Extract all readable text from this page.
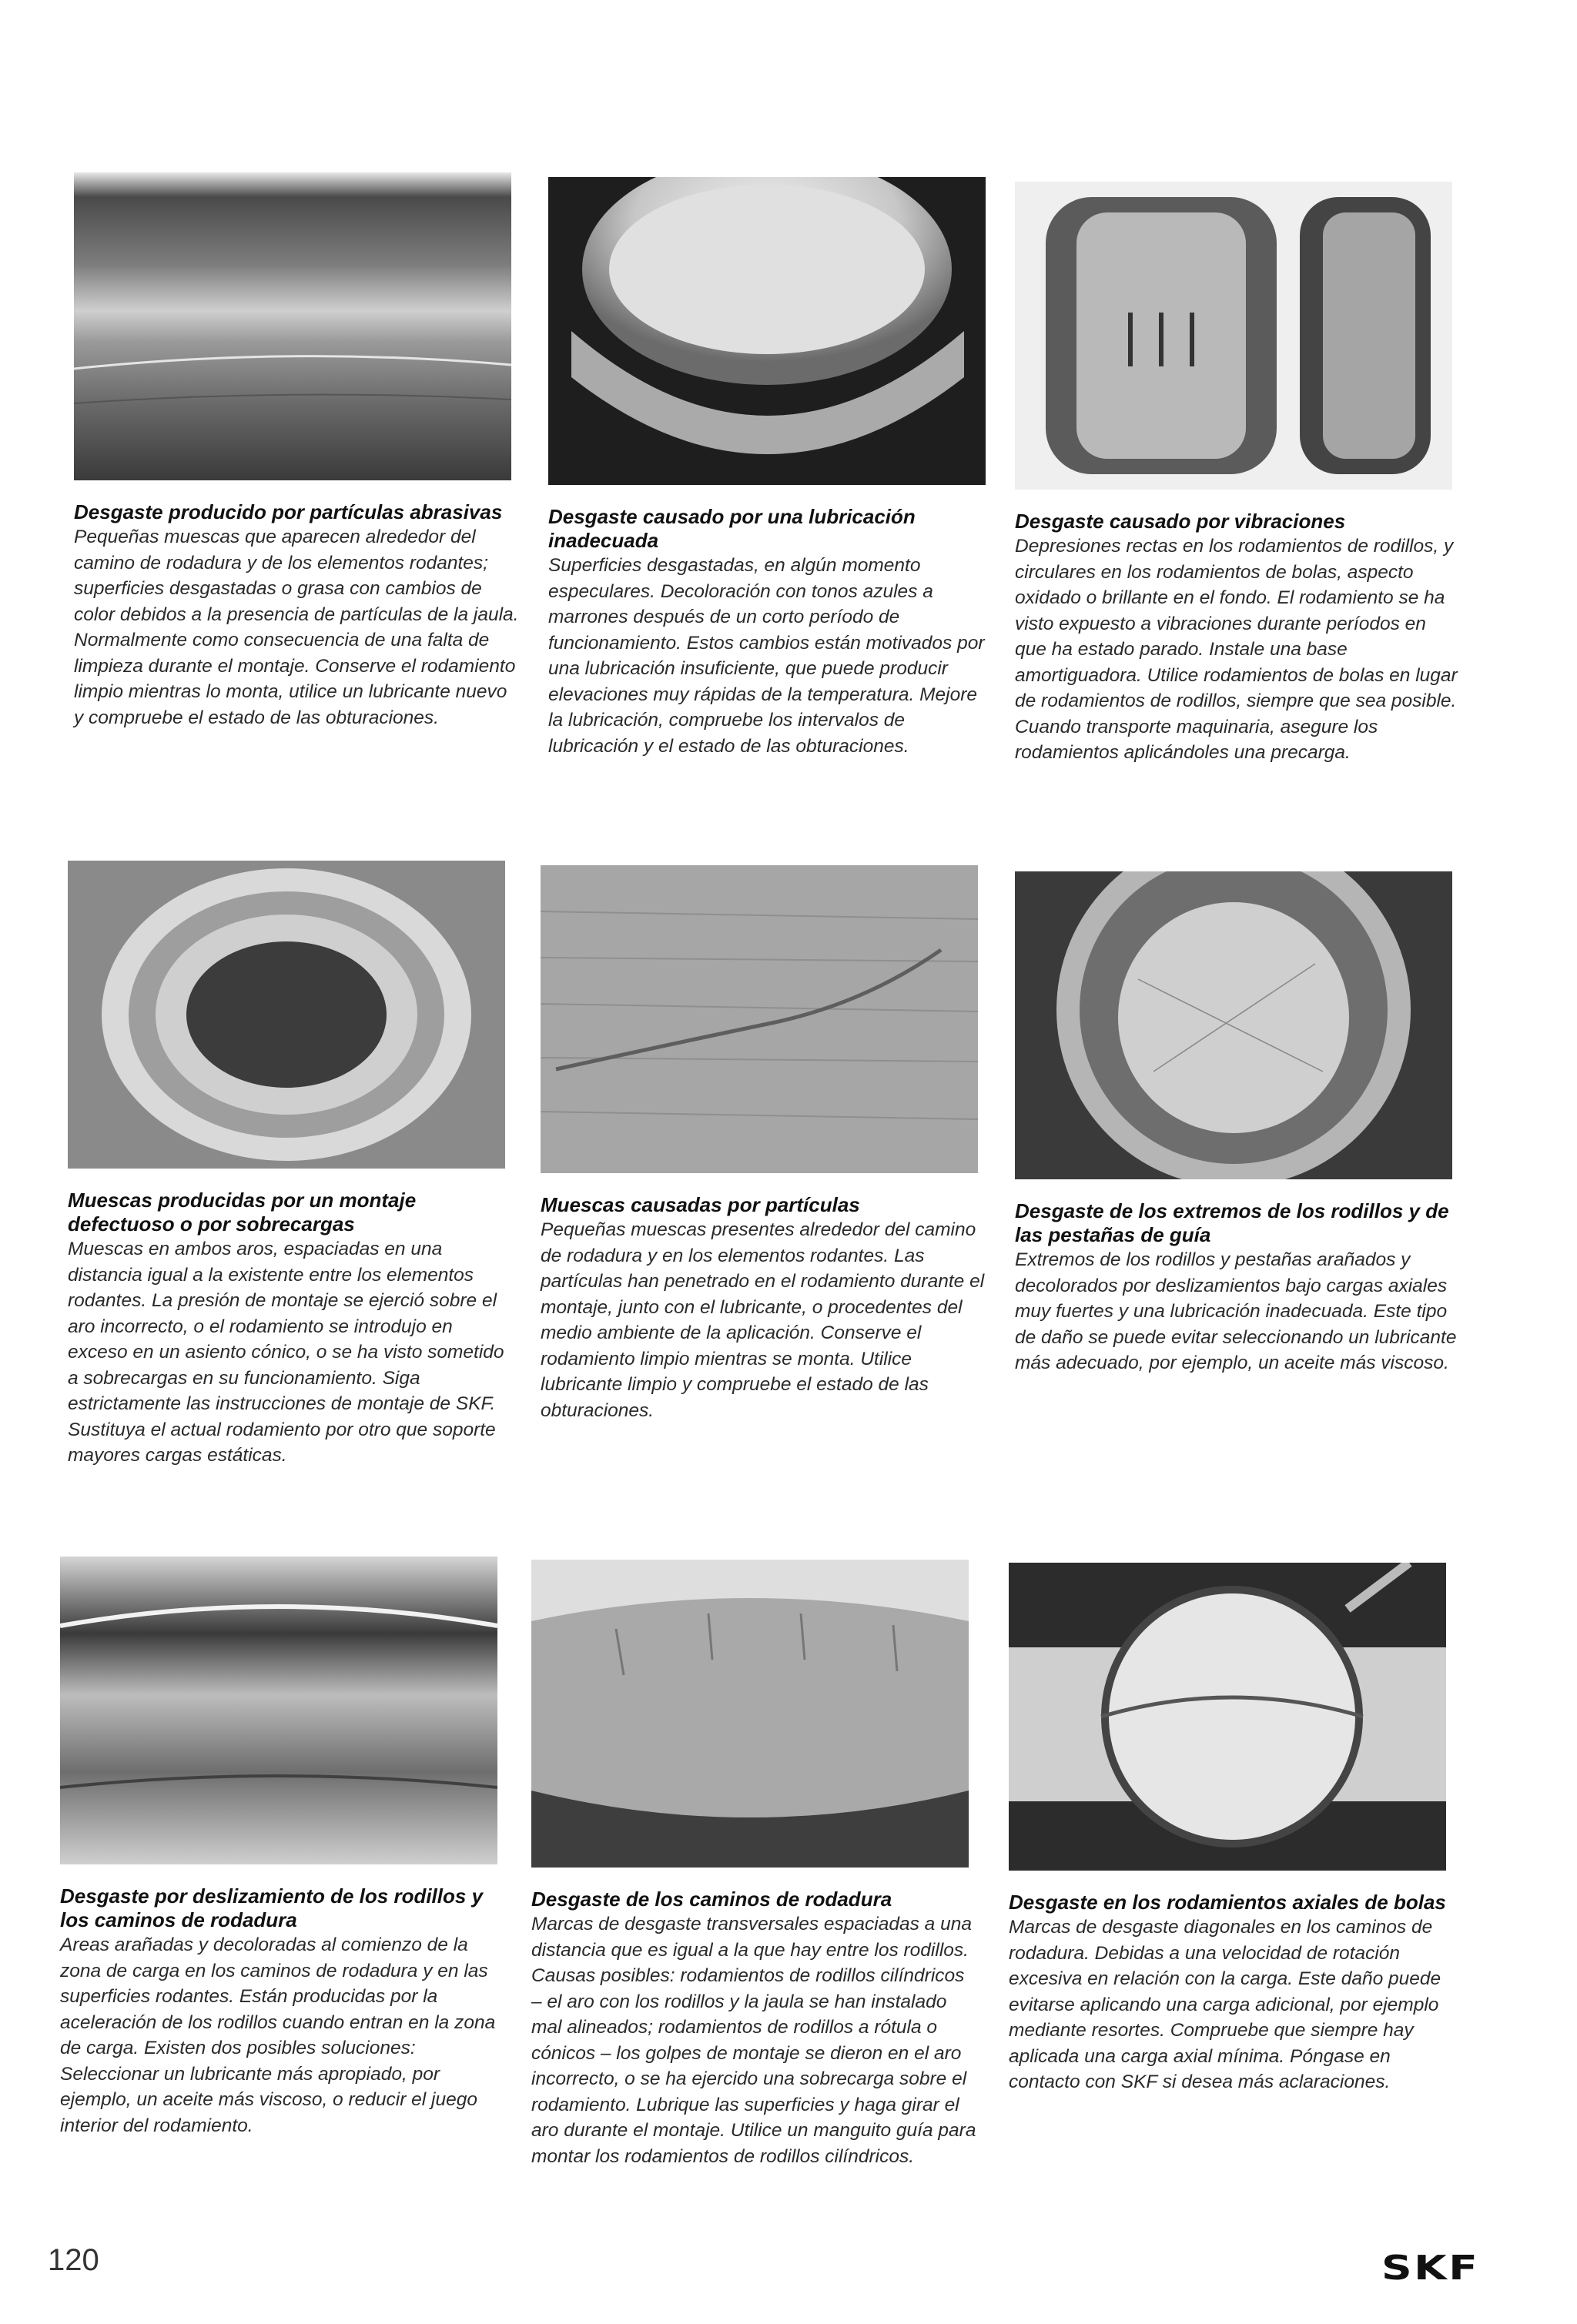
Desgaste producido por partículas abrasivas
Pequeñas muescas que aparecen alrededor del camino de rodadura y de los elementos rodantes; superficies desgastadas o grasa con cambios de color debidos a la presencia de partículas de la jaula. Normalmente como consecuencia de una falta de limpieza durante el montaje. Conserve el rodamiento limpio mientras lo monta, utilice un lubricante nuevo y compruebe el estado de las obturaciones.
Desgaste causado por una lubricación inadecuada
Superficies desgastadas, en algún momento especulares. Decoloración con tonos azules a marrones después de un corto período de funcionamiento. Estos cambios están motivados por una lubricación insuficiente, que puede producir elevaciones muy rápidas de la temperatura. Mejore la lubricación, compruebe los intervalos de lubricación y el estado de las obturaciones.
Desgaste causado por vibraciones
Depresiones rectas en los rodamientos de rodillos, y circulares en los rodamientos de bolas, aspecto oxidado o brillante en el fondo. El rodamiento se ha visto expuesto a vibraciones durante períodos en que ha estado parado. Instale una base amortiguadora. Utilice rodamientos de bolas en lugar de rodamientos de rodillos, siempre que sea posible. Cuando transporte maquinaria, asegure los rodamientos aplicándoles una precarga.
Muescas producidas por un montaje defectuoso o por sobrecargas
Muescas en ambos aros, espaciadas en una distancia igual a la existente entre los elementos rodantes. La presión de montaje se ejerció sobre el aro incorrecto, o el rodamiento se introdujo en exceso en un asiento cónico, o se ha visto sometido a sobrecargas en su funcionamiento. Siga estrictamente las instrucciones de montaje de SKF. Sustituya el actual rodamiento por otro que soporte mayores cargas estáticas.
Muescas causadas por partículas
Pequeñas muescas presentes alrededor del camino de rodadura y en los elementos rodantes. Las partículas han penetrado en el rodamiento durante el montaje, junto con el lubricante, o procedentes del medio ambiente de la aplicación. Conserve el rodamiento limpio mientras se monta. Utilice lubricante limpio y compruebe el estado de las obturaciones.
Desgaste de los extremos de los rodillos y de las pestañas de guía
Extremos de los rodillos y pestañas arañados y decolorados por deslizamientos bajo cargas axiales muy fuertes y una lubricación inadecuada. Este tipo de daño se puede evitar seleccionando un lubricante más adecuado, por ejemplo, un aceite más viscoso.
Desgaste por deslizamiento de los rodillos y los caminos de rodadura
Areas arañadas y decoloradas al comienzo de la zona de carga en los caminos de rodadura y en las superficies rodantes. Están producidas por la aceleración de los rodillos cuando entran en la zona de carga. Existen dos posibles soluciones: Seleccionar un lubricante más apropiado, por ejemplo, un aceite más viscoso, o reducir el juego interior del rodamiento.
Desgaste de los caminos de rodadura
Marcas de desgaste transversales espaciadas a una distancia que es igual a la que hay entre los rodillos. Causas posibles: rodamientos de rodillos cilíndricos – el aro con los rodillos y la jaula se han instalado mal alineados; rodamientos de rodillos a rótula o cónicos – los golpes de montaje se dieron en el aro incorrecto, o se ha ejercido una sobrecarga sobre el rodamiento. Lubrique las superficies y haga girar el aro durante el montaje. Utilice un manguito guía para montar los rodamientos de rodillos cilíndricos.
Desgaste en los rodamientos axiales de bolas
Marcas de desgaste diagonales en los caminos de rodadura. Debidas a una velocidad de rotación excesiva en relación con la carga. Este daño puede evitarse aplicando una carga adicional, por ejemplo mediante resortes. Compruebe que siempre hay aplicada una carga axial mínima. Póngase en contacto con SKF si desea más aclaraciones.
120	SKF
